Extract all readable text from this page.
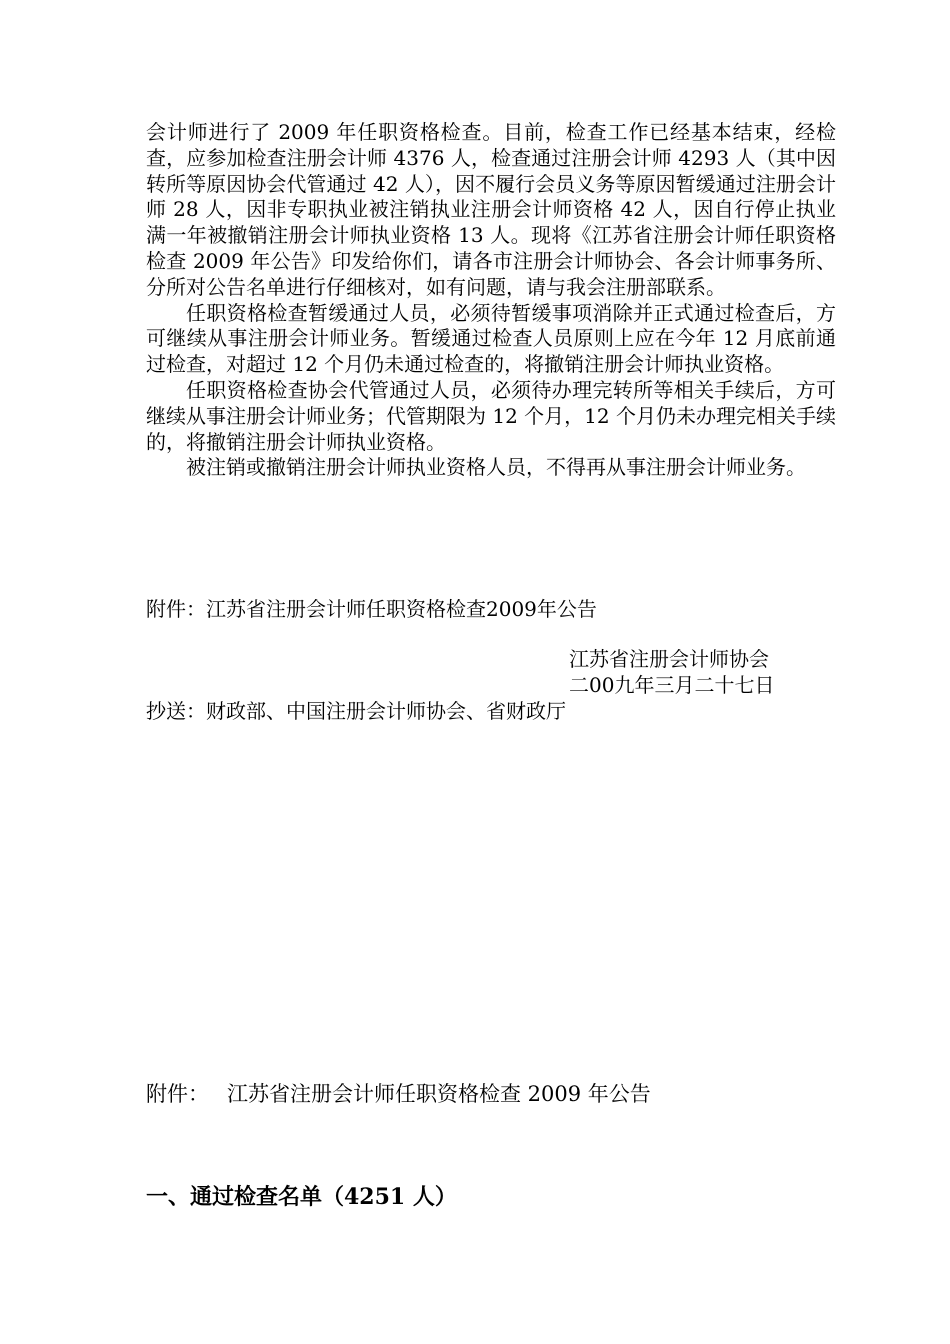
会计师进行了 2009 年任职资格检查。目前，检查工作已经基本结束，经检查，应参加检查注册会计师 4376 人，检查通过注册会计师 4293 人（其中因转所等原因协会代管通过 42 人），因不履行会员义务等原因暂缓通过注册会计师 28 人，因非专职执业被注销执业注册会计师资格 42 人，因自行停止执业满一年被撤销注册会计师执业资格 13 人。现将《江苏省注册会计师任职资格检查 2009 年公告》印发给你们，请各市注册会计师协会、各会计师事务所、分所对公告名单进行仔细核对，如有问题，请与我会注册部联系。

任职资格检查暂缓通过人员，必须待暂缓事项消除并正式通过检查后，方可继续从事注册会计师业务。暂缓通过检查人员原则上应在今年 12 月底前通过检查，对超过 12 个月仍未通过检查的，将撤销注册会计师执业资格。

任职资格检查协会代管通过人员，必须待办理完转所等相关手续后，方可继续从事注册会计师业务；代管期限为 12 个月，12 个月仍未办理完相关手续的，将撤销注册会计师执业资格。

被注销或撤销注册会计师执业资格人员，不得再从事注册会计师业务。

附件：江苏省注册会计师任职资格检查2009年公告
江苏省注册会计师协会
二00九年三月二十七日
抄送：财政部、中国注册会计师协会、省财政厅
附件： 江苏省注册会计师任职资格检查 2009 年公告
一、通过检查名单（4251 人）
